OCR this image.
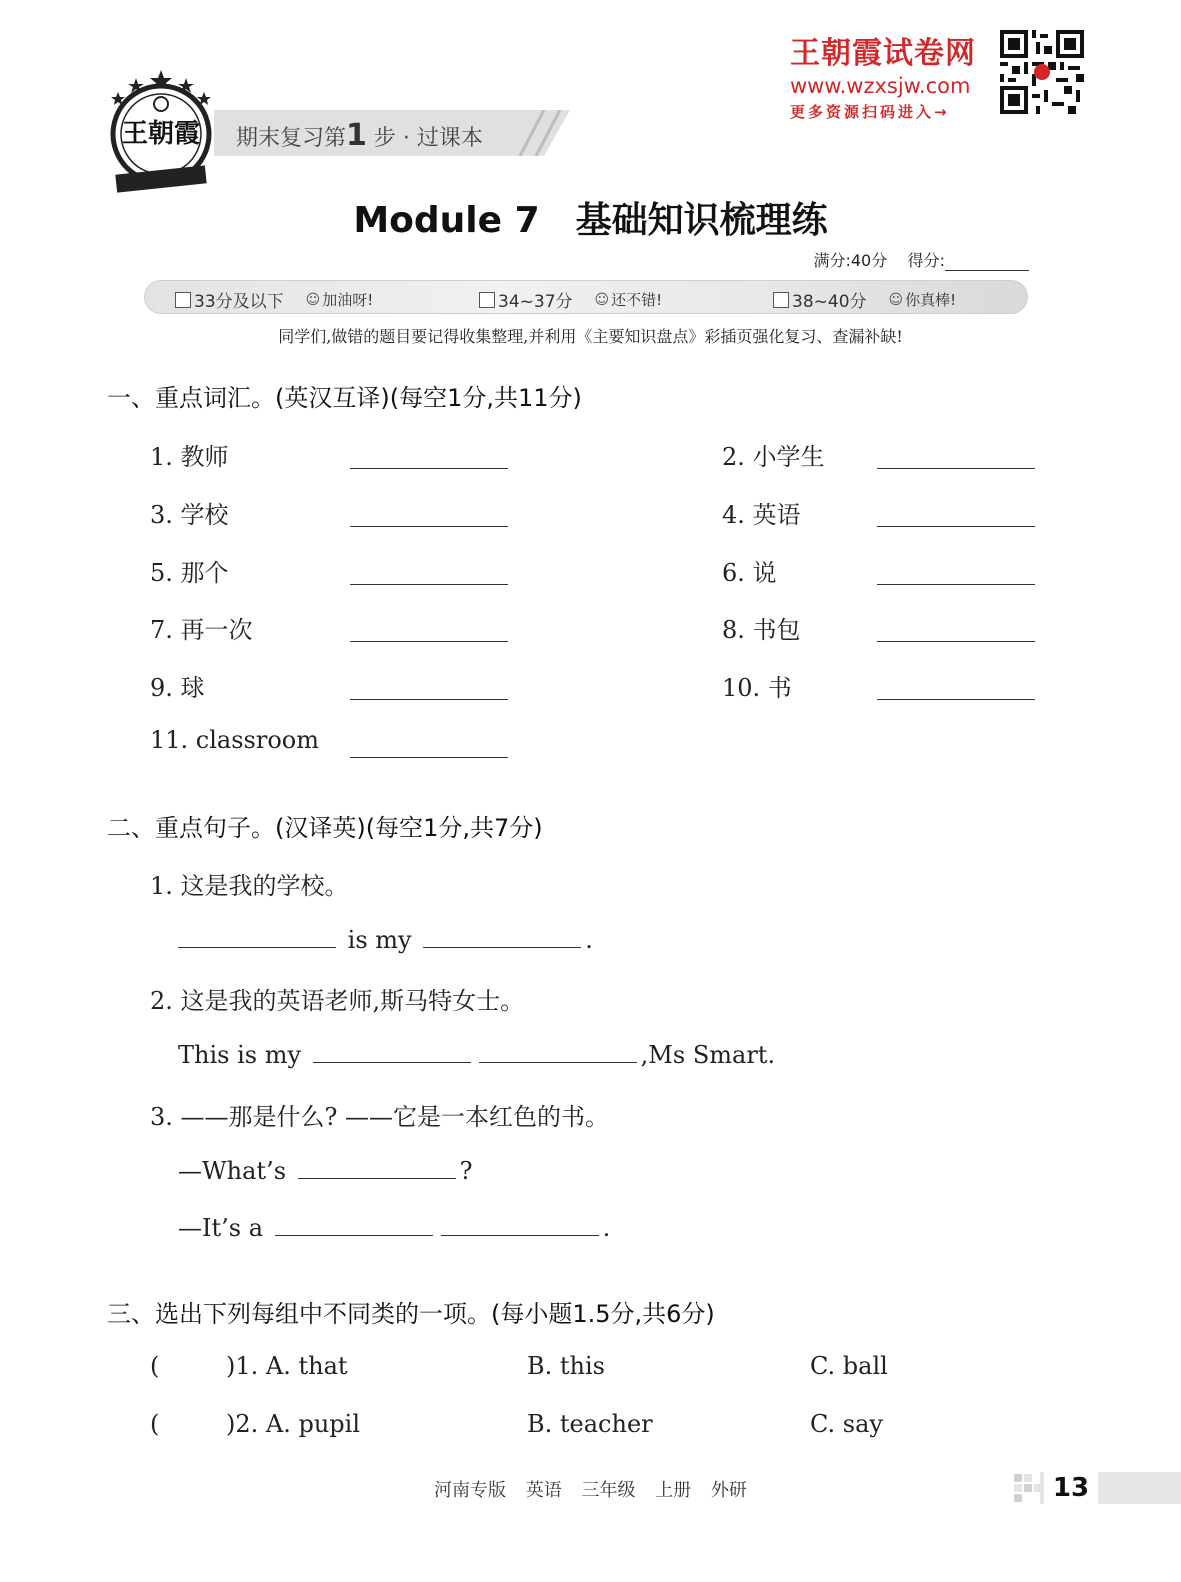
王朝霞 期末复习第1 步 · 过课本
王朝霞试卷网
www.wzxsjw.com
更多资源扫码进入→
Module 7 基础知识梳理练
满分:40分 得分:
33分及以下 ☺ 加油呀!	34~37分 ☺ 还不错!	38~40分 ☺ 你真棒!
同学们,做错的题目要记得收集整理,并利用《主要知识盘点》彩插页强化复习、查漏补缺!
一、重点词汇。(英汉互译)(每空1分,共11分)
1. 教师	2. 小学生
3. 学校	4. 英语
5. 那个	6. 说
7. 再一次	8. 书包
9. 球	10. 书
11. classroom
二、重点句子。(汉译英)(每空1分,共7分)
1. 这是我的学校。
is my	.
2. 这是我的英语老师,斯马特女士。
This is my	,Ms Smart.
3. ——那是什么? ——它是一本红色的书。
—What’s	?
—It’s a	.
三、选出下列每组中不同类的一项。(每小题1.5分,共6分)
(	)1. A. that	B. this	C. ball
(	)2. A. pupil	B. teacher	C. say
河南专版 英语 三年级 上册 外研	13
